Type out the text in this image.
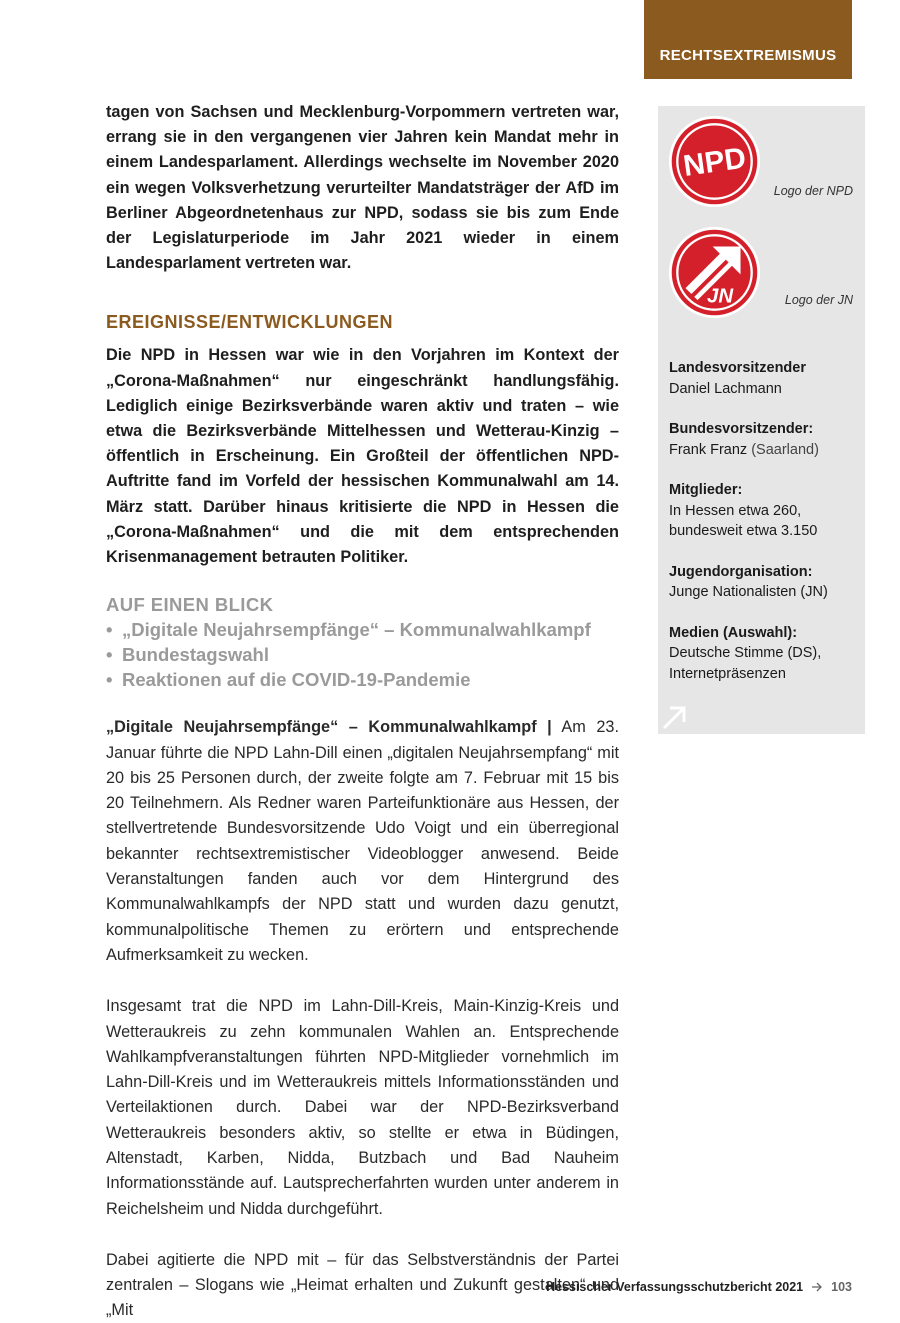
RECHTSEXTREMISMUS

tagen von Sachsen und Mecklenburg-Vorpommern vertreten war, errang sie in den vergangenen vier Jahren kein Mandat mehr in einem Landesparlament. Allerdings wechselte im November 2020 ein wegen Volksverhetzung verurteilter Mandatsträger der AfD im Berliner Abgeordnetenhaus zur NPD, sodass sie bis zum Ende der Legislaturperiode im Jahr 2021 wieder in einem Landesparlament vertreten war.

EREIGNISSE/ENTWICKLUNGEN

Die NPD in Hessen war wie in den Vorjahren im Kontext der „Corona-Maßnahmen“ nur eingeschränkt handlungsfähig. Lediglich einige Bezirksverbände waren aktiv und traten – wie etwa die Bezirksverbände Mittelhessen und Wetterau-Kinzig – öffentlich in Erscheinung. Ein Großteil der öffentlichen NPD-Auftritte fand im Vorfeld der hessischen Kommunalwahl am 14. März statt. Darüber hinaus kritisierte die NPD in Hessen die „Corona-Maßnahmen“ und die mit dem entsprechenden Krisenmanagement betrauten Politiker.

AUF EINEN BLICK
• „Digitale Neujahrsempfänge“ – Kommunalwahlkampf
• Bundestagswahl
• Reaktionen auf die COVID-19-Pandemie

„Digitale Neujahrsempfänge“ – Kommunalwahlkampf | Am 23. Januar führte die NPD Lahn-Dill einen „digitalen Neujahrsempfang“ mit 20 bis 25 Personen durch, der zweite folgte am 7. Februar mit 15 bis 20 Teilnehmern. Als Redner waren Parteifunktionäre aus Hessen, der stellvertretende Bundesvorsitzende Udo Voigt und ein überregional bekannter rechtsextremistischer Videoblogger anwesend. Beide Veranstaltungen fanden auch vor dem Hintergrund des Kommunalwahlkampfs der NPD statt und wurden dazu genutzt, kommunalpolitische Themen zu erörtern und entsprechende Aufmerksamkeit zu wecken.

Insgesamt trat die NPD im Lahn-Dill-Kreis, Main-Kinzig-Kreis und Wetteraukreis zu zehn kommunalen Wahlen an. Entsprechende Wahlkampfveranstaltungen führten NPD-Mitglieder vornehmlich im Lahn-Dill-Kreis und im Wetteraukreis mittels Informationsständen und Verteilaktionen durch. Dabei war der NPD-Bezirksverband Wetteraukreis besonders aktiv, so stellte er etwa in Büdingen, Altenstadt, Karben, Nidda, Butzbach und Bad Nauheim Informationsstände auf. Lautsprecherfahrten wurden unter anderem in Reichelsheim und Nidda durchgeführt.

Dabei agitierte die NPD mit – für das Selbstverständnis der Partei zentralen – Slogans wie „Heimat erhalten und Zukunft gestalten“ und „Mit

NPD
Logo der NPD
JN	Logo der JN
Landesvorsitzender
Daniel Lachmann
Bundesvorsitzender:
Frank Franz (Saarland)
Mitglieder:
In Hessen etwa 260,
bundesweit etwa 3.150
Jugendorganisation:
Junge Nationalisten (JN)
Medien (Auswahl):
Deutsche Stimme (DS),
Internetpräsenzen
Hessischer Verfassungsschutzbericht 2021 103
